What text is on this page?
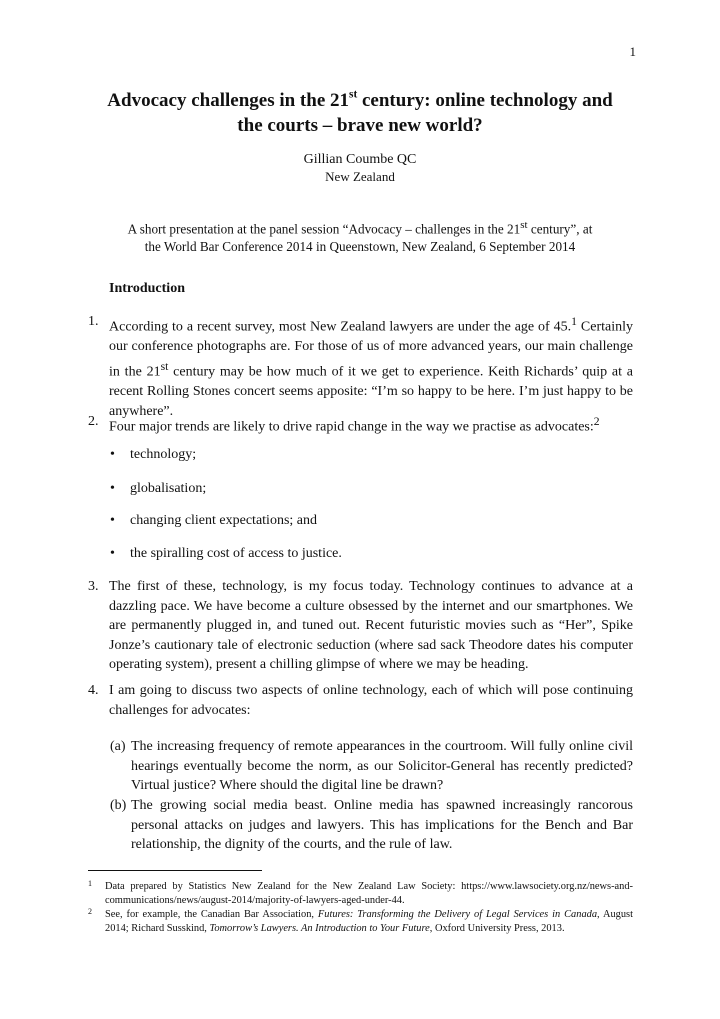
1
Advocacy challenges in the 21st century: online technology and
the courts – brave new world?
Gillian Coumbe QC
New Zealand
A short presentation at the panel session “Advocacy – challenges in the 21st century”, at
the World Bar Conference 2014 in Queenstown, New Zealand, 6 September 2014
Introduction
1. According to a recent survey, most New Zealand lawyers are under the age of 45.$^1$ Certainly our conference photographs are. For those of us of more advanced years, our main challenge in the 21st century may be how much of it we get to experience. Keith Richards’ quip at a recent Rolling Stones concert seems apposite: “I’m so happy to be here. I’m just happy to be anywhere”.
2. Four major trends are likely to drive rapid change in the way we practise as advocates:$^2$
• technology;
• globalisation;
• changing client expectations; and
• the spiralling cost of access to justice.
3. The first of these, technology, is my focus today. Technology continues to advance at a dazzling pace. We have become a culture obsessed by the internet and our smartphones. We are permanently plugged in, and tuned out. Recent futuristic movies such as “Her”, Spike Jonze’s cautionary tale of electronic seduction (where sad sack Theodore dates his computer operating system), present a chilling glimpse of where we may be heading.
4. I am going to discuss two aspects of online technology, each of which will pose continuing challenges for advocates:
(a) The increasing frequency of remote appearances in the courtroom. Will fully online civil hearings eventually become the norm, as our Solicitor-General has recently predicted? Virtual justice? Where should the digital line be drawn?
(b) The growing social media beast. Online media has spawned increasingly rancorous personal attacks on judges and lawyers. This has implications for the Bench and Bar relationship, the dignity of the courts, and the rule of law.
1 Data prepared by Statistics New Zealand for the New Zealand Law Society: https://www.lawsociety.org.nz/news-and-communications/news/august-2014/majority-of-lawyers-aged-under-44.
2 See, for example, the Canadian Bar Association, Futures: Transforming the Delivery of Legal Services in Canada, August 2014; Richard Susskind, Tomorrow’s Lawyers. An Introduction to Your Future, Oxford University Press, 2013.
